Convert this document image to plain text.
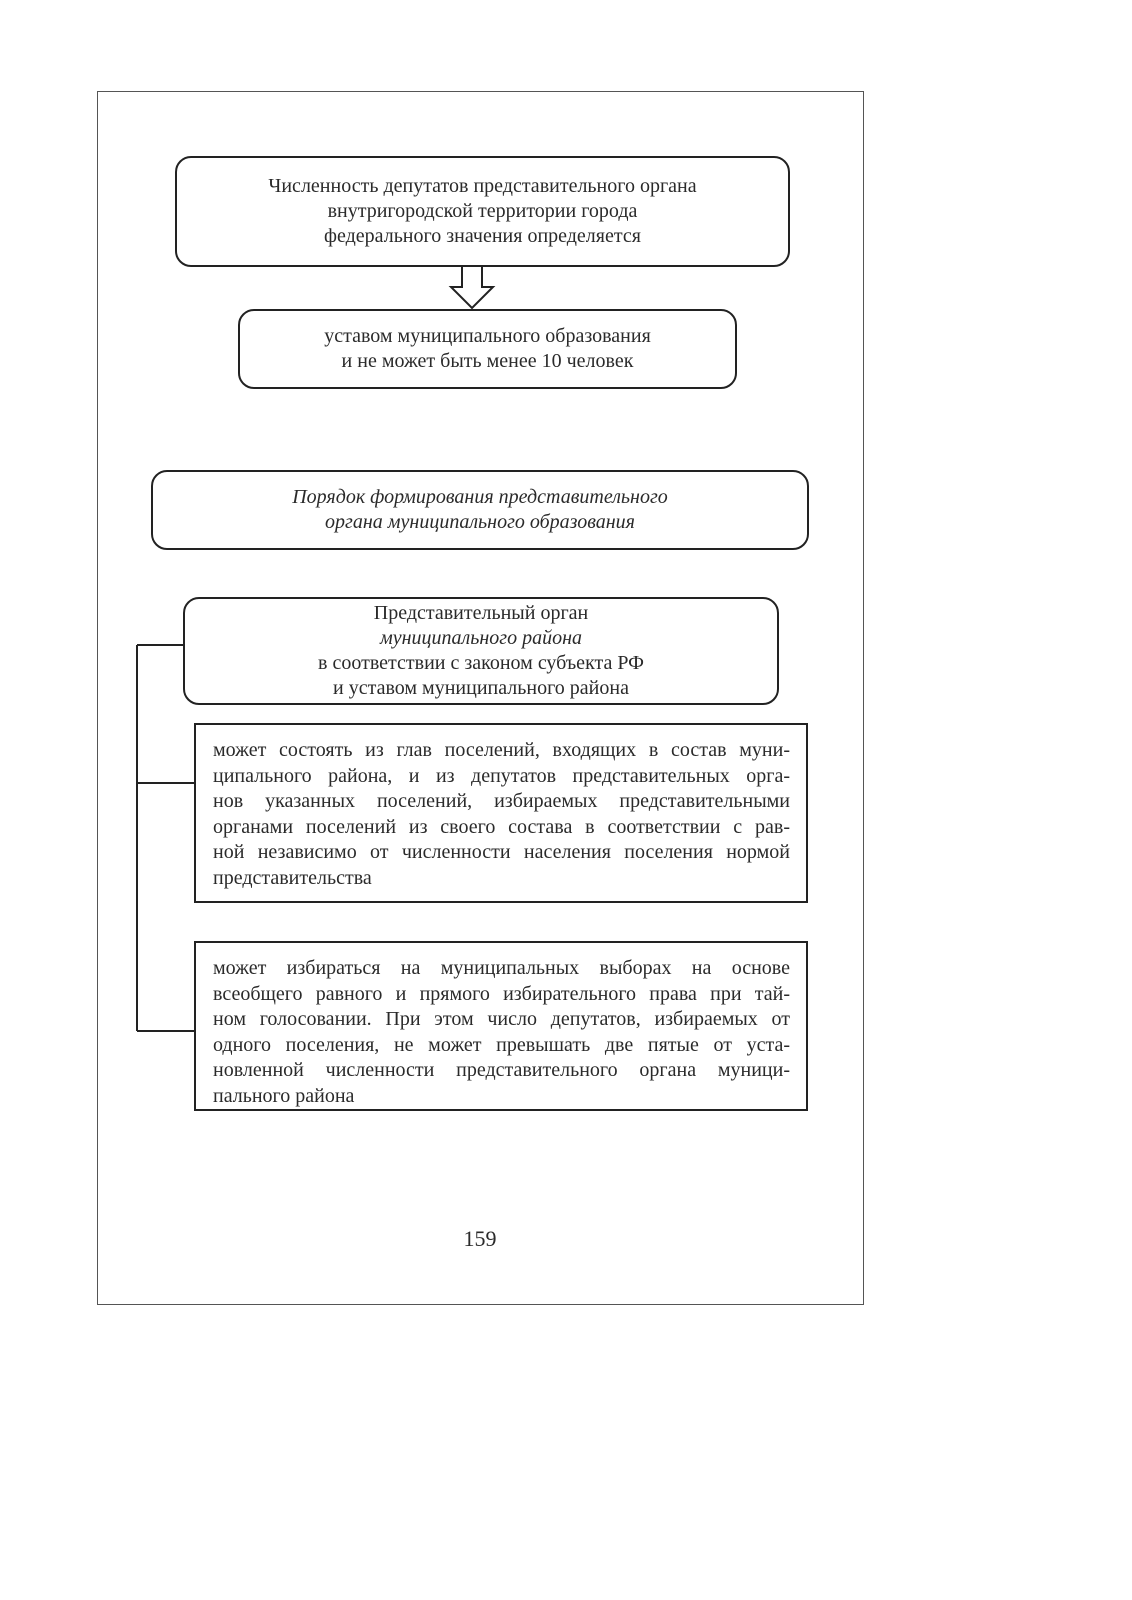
Численность депутатов представительного органа
внутригородской территории города
федерального значения определяется
уставом муниципального образования
и не может быть менее 10 человек
Порядок формирования представительного
органа муниципального образования
Представительный орган
муниципального района
в соответствии с законом субъекта РФ
и уставом муниципального района
может состоять из глав поселений, входящих в состав муни-
ципального района, и из депутатов представительных орга-
нов указанных поселений, избираемых представительными
органами поселений из своего состава в соответствии с рав-
ной независимо от численности населения поселения нормой
представительства
может избираться на муниципальных выборах на основе
всеобщего равного и прямого избирательного права при тай-
ном голосовании. При этом число депутатов, избираемых от
одного поселения, не может превышать две пятые от уста-
новленной численности представительного органа муници-
пального района
159
